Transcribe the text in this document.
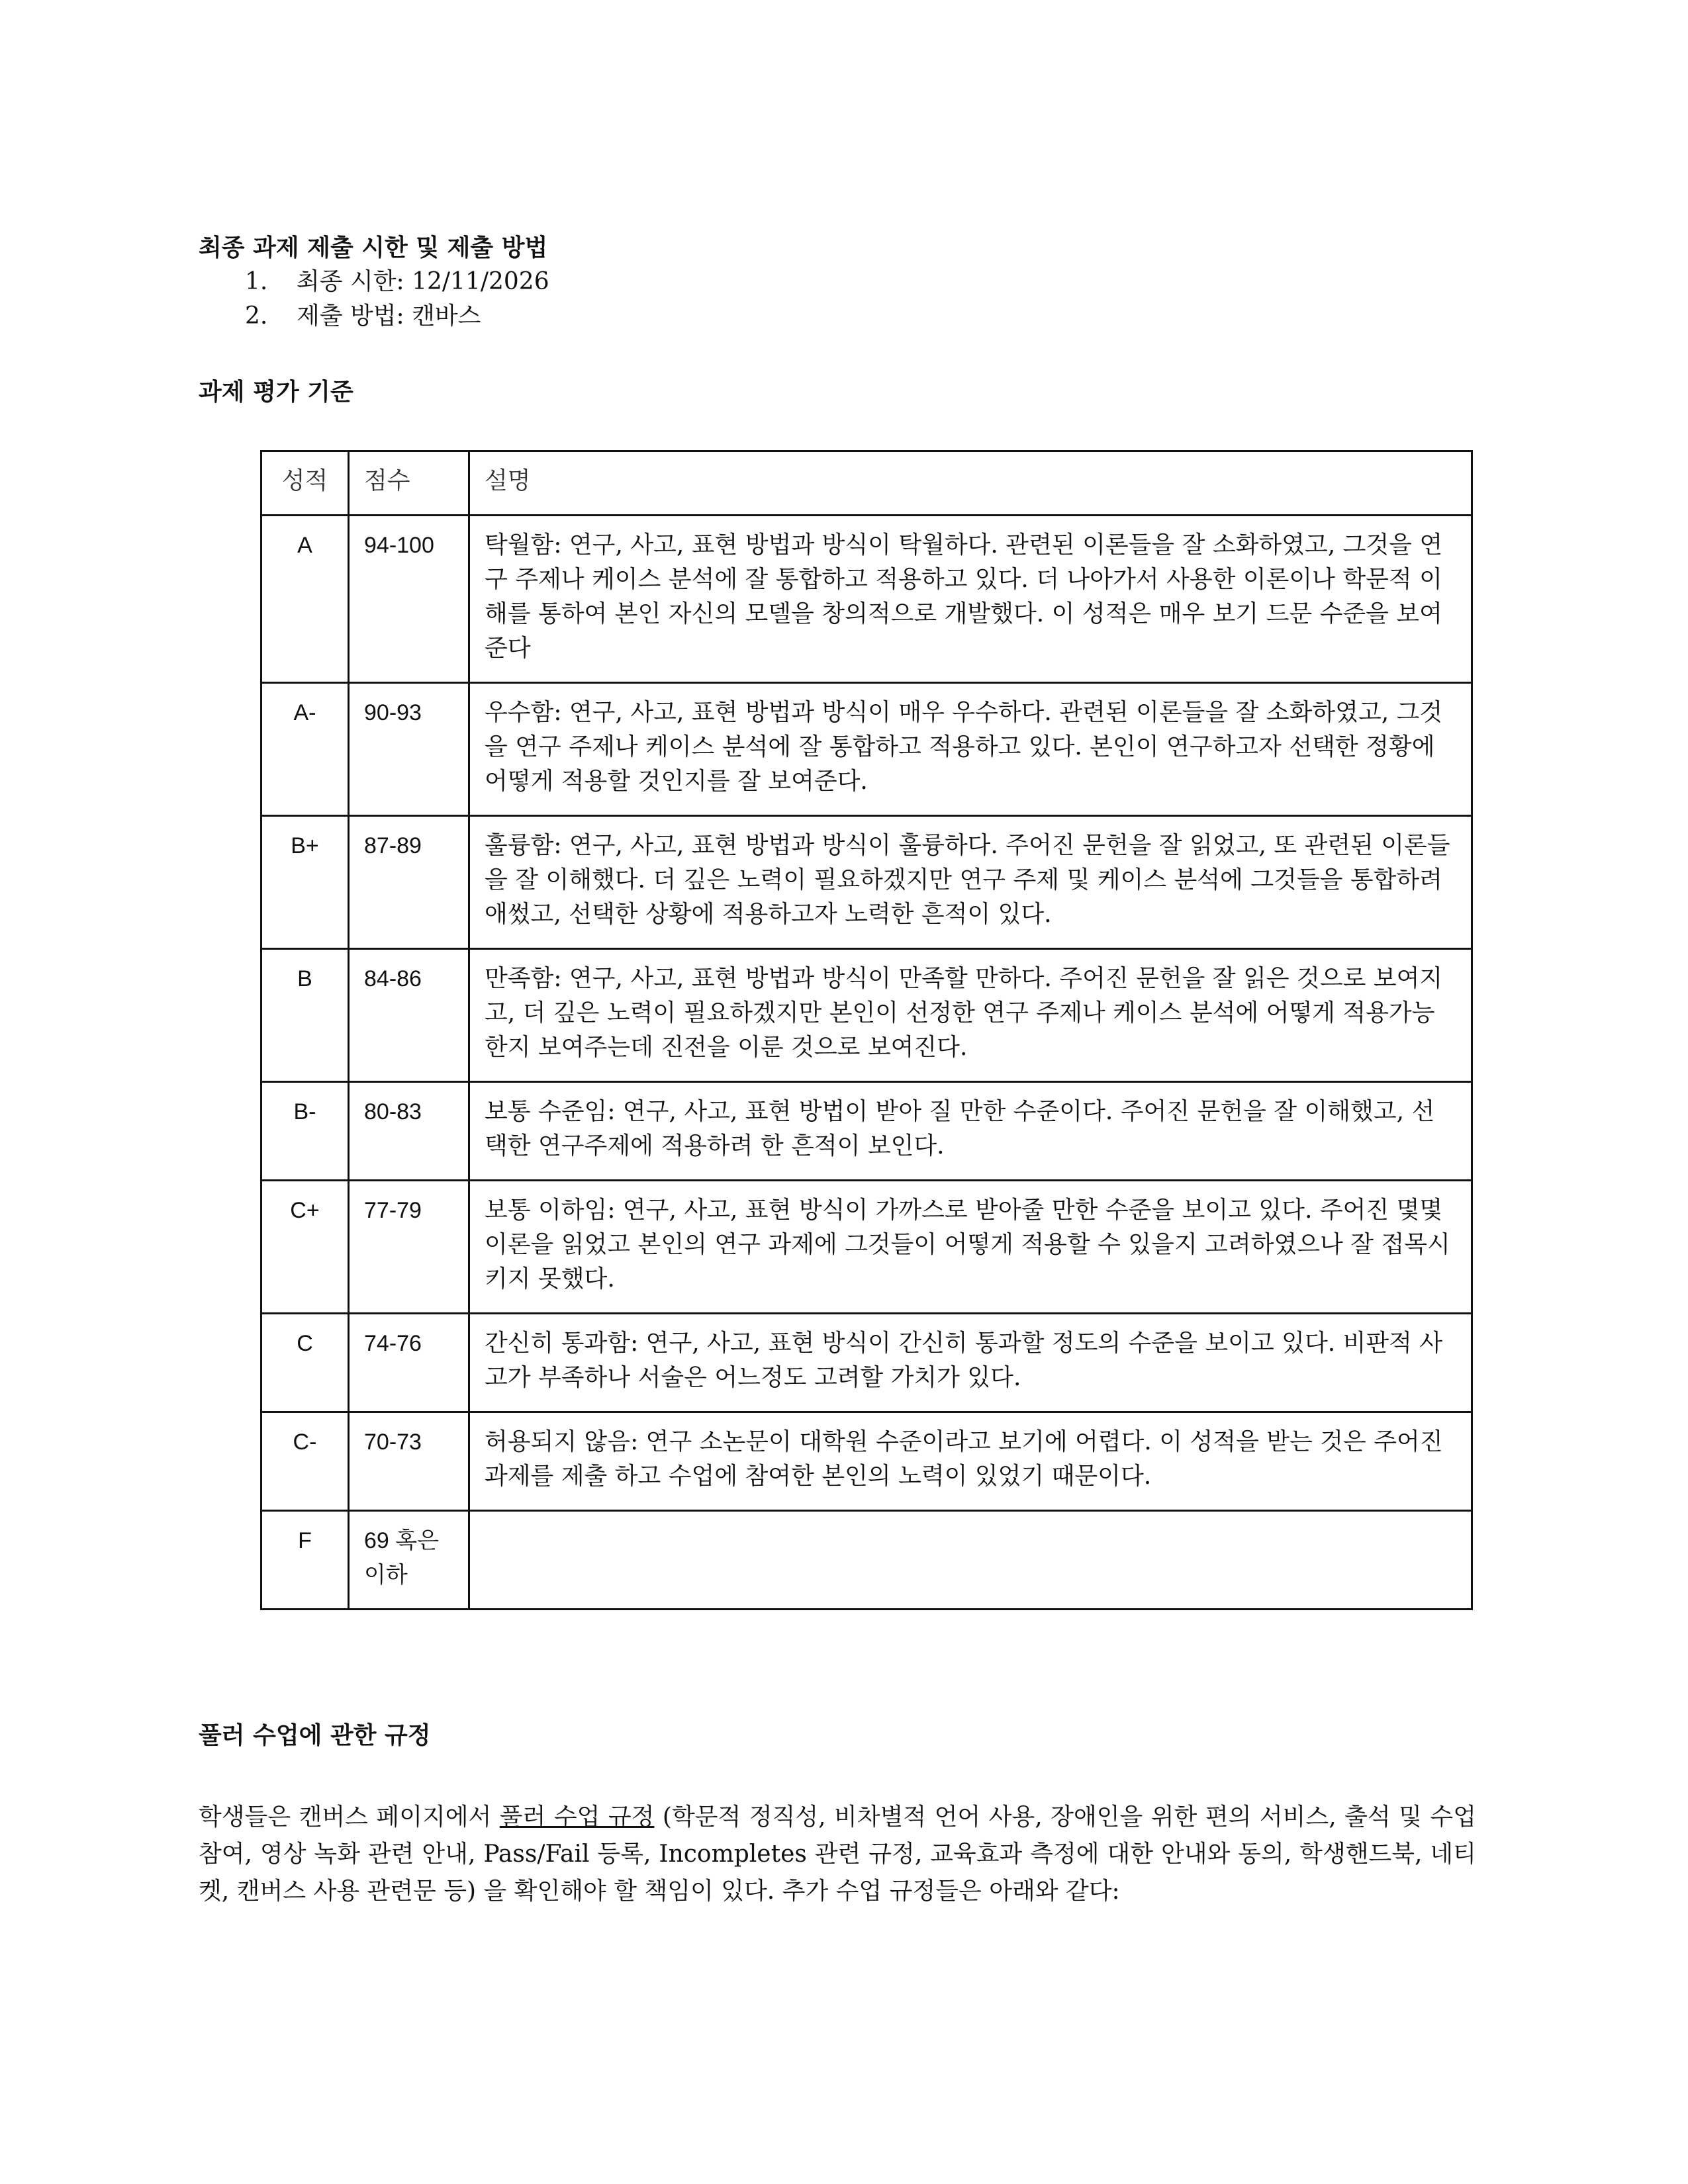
최종 과제 제출 시한 및 제출 방법
1.	최종 시한: 12/11/2026
2.	제출 방법: 캔바스
과제 평가 기준
성적	점수	설명
A	94-100	탁월함: 연구, 사고, 표현 방법과 방식이 탁월하다. 관련된 이론들을 잘 소화하였고, 그것을 연구 주제나 케이스 분석에 잘 통합하고 적용하고 있다. 더 나아가서 사용한 이론이나 학문적 이해를 통하여 본인 자신의 모델을 창의적으로 개발했다. 이 성적은 매우 보기 드문 수준을 보여준다
A-	90-93	우수함: 연구, 사고, 표현 방법과 방식이 매우 우수하다. 관련된 이론들을 잘 소화하였고, 그것을 연구 주제나 케이스 분석에 잘 통합하고 적용하고 있다. 본인이 연구하고자 선택한 정황에 어떻게 적용할 것인지를 잘 보여준다.
B+	87-89	훌륭함: 연구, 사고, 표현 방법과 방식이 훌륭하다. 주어진 문헌을 잘 읽었고, 또 관련된 이론들을 잘 이해했다. 더 깊은 노력이 필요하겠지만 연구 주제 및 케이스 분석에 그것들을 통합하려 애썼고, 선택한 상황에 적용하고자 노력한 흔적이 있다.
B	84-86	만족함: 연구, 사고, 표현 방법과 방식이 만족할 만하다. 주어진 문헌을 잘 읽은 것으로 보여지고, 더 깊은 노력이 필요하겠지만 본인이 선정한 연구 주제나 케이스 분석에 어떻게 적용가능한지 보여주는데 진전을 이룬 것으로 보여진다.
B-	80-83	보통 수준임: 연구, 사고, 표현 방법이 받아 질 만한 수준이다. 주어진 문헌을 잘 이해했고, 선택한 연구주제에 적용하려 한 흔적이 보인다.
C+	77-79	보통 이하임: 연구, 사고, 표현 방식이 가까스로 받아줄 만한 수준을 보이고 있다. 주어진 몇몇 이론을 읽었고 본인의 연구 과제에 그것들이 어떻게 적용할 수 있을지 고려하였으나 잘 접목시키지 못했다.
C	74-76	간신히 통과함: 연구, 사고, 표현 방식이 간신히 통과할 정도의 수준을 보이고 있다. 비판적 사고가 부족하나 서술은 어느정도 고려할 가치가 있다.
C-	70-73	허용되지 않음: 연구 소논문이 대학원 수준이라고 보기에 어렵다. 이 성적을 받는 것은 주어진 과제를 제출 하고 수업에 참여한 본인의 노력이 있었기 때문이다.
F	69 혹은 이하	
풀러 수업에 관한 규정
학생들은 캔버스 페이지에서 풀러 수업 규정 (학문적 정직성, 비차별적 언어 사용, 장애인을 위한 편의 서비스, 출석 및 수업 참여, 영상 녹화 관련 안내, Pass/Fail 등록, Incompletes 관련 규정, 교육효과 측정에 대한 안내와 동의, 학생핸드북, 네티켓, 캔버스 사용 관련문 등) 을 확인해야 할 책임이 있다. 추가 수업 규정들은 아래와 같다:
